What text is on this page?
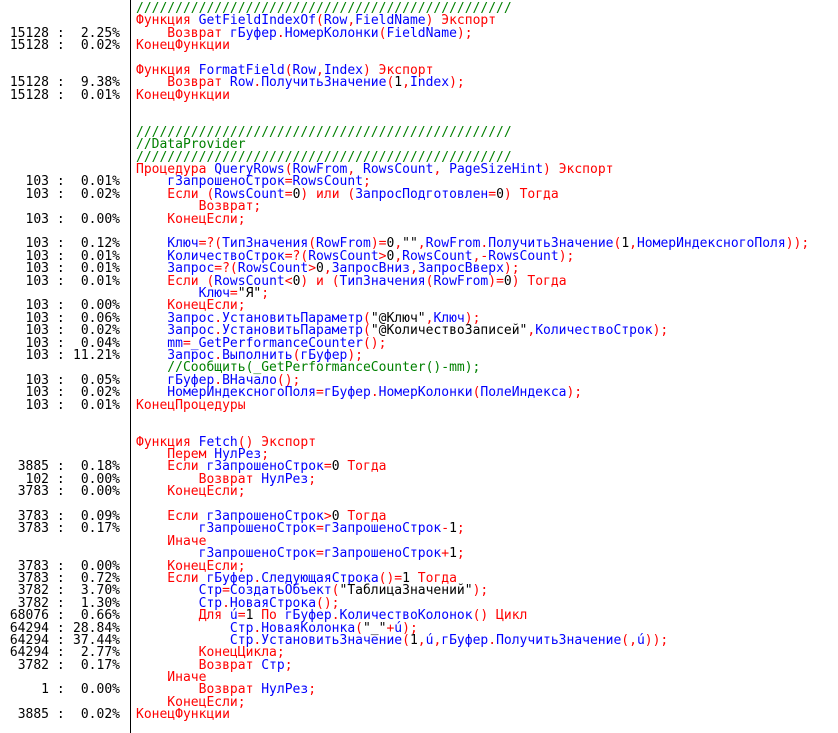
////////////////////////////////////////////////
Функция GetFieldIndexOf(Row,FieldName) Экспорт
15128 : 2.25%	Возврат гБуфер.НомерКолонки(FieldName);
15128 : 0.02%	КонецФункции
Функция FormatField(Row,Index) Экспорт
15128 : 9.38%	Возврат Row.ПолучитьЗначение(1,Index);
15128 : 0.01%	КонецФункции
////////////////////////////////////////////////
//DataProvider
////////////////////////////////////////////////
Процедура QueryRows(RowFrom, RowsCount, PageSizeHint) Экспорт
103 : 0.01%	гЗапрошеноСтрок=RowsCount;
103 : 0.02%	Если (RowsCount=0) или (ЗапросПодготовлен=0) Тогда
Возврат;
103 : 0.00%	КонецЕсли;
103 : 0.12%	Ключ=?(ТипЗначения(RowFrom)=0,"",RowFrom.ПолучитьЗначение(1,НомерИндексногоПоля));
103 : 0.01%	КоличествоСтрок=?(RowsCount>0,RowsCount,-RowsCount);
103 : 0.01%	Запрос=?(RowsCount>0,ЗапросВниз,ЗапросВверх);
103 : 0.01%	Если (RowsCount<0) и (ТипЗначения(RowFrom)=0) Тогда
Ключ="Я";
103 : 0.00%	КонецЕсли;
103 : 0.06%	Запрос.УстановитьПараметр("@Ключ",Ключ);
103 : 0.02%	Запрос.УстановитьПараметр("@КоличествоЗаписей",КоличествоСтрок);
103 : 0.04%	mm=_GetPerformanceCounter();
103 : 11.21%	Запрос.Выполнить(гБуфер);
//Сообщить(_GetPerformanceCounter()-mm);
103 : 0.05%	гБуфер.ВНачало();
103 : 0.02%	НомерИндексногоПоля=гБуфер.НомерКолонки(ПолеИндекса);
103 : 0.01%	КонецПроцедуры
Функция Fetch() Экспорт
Перем НулРез;
3885 : 0.18%	Если гЗапрошеноСтрок=0 Тогда
102 : 0.00%	Возврат НулРез;
3783 : 0.00%	КонецЕсли;
3783 : 0.09%	Если гЗапрошеноСтрок>0 Тогда
3783 : 0.17%	гЗапрошеноСтрок=гЗапрошеноСтрок-1;
Иначе
гЗапрошеноСтрок=гЗапрошеноСтрок+1;
3783 : 0.00%	КонецЕсли;
3783 : 0.72%	Если гБуфер.СледующаяСтрока()=1 Тогда
3782 : 3.70%	Стр=СоздатьОбъект("ТаблицаЗначений");
3782 : 1.30%	Стр.НоваяСтрока();
68076 : 0.66%	Для ú=1 По гБуфер.КоличествоКолонок() Цикл
64294 : 28.84%	Стр.НоваяКолонка("_"+ú);
64294 : 37.44%	Стр.УстановитьЗначение(1,ú,гБуфер.ПолучитьЗначение(,ú));
64294 : 2.77%	КонецЦикла;
3782 : 0.17%	Возврат Стр;
Иначе
1 : 0.00%	Возврат НулРез;
КонецЕсли;
3885 : 0.02%	КонецФункции
